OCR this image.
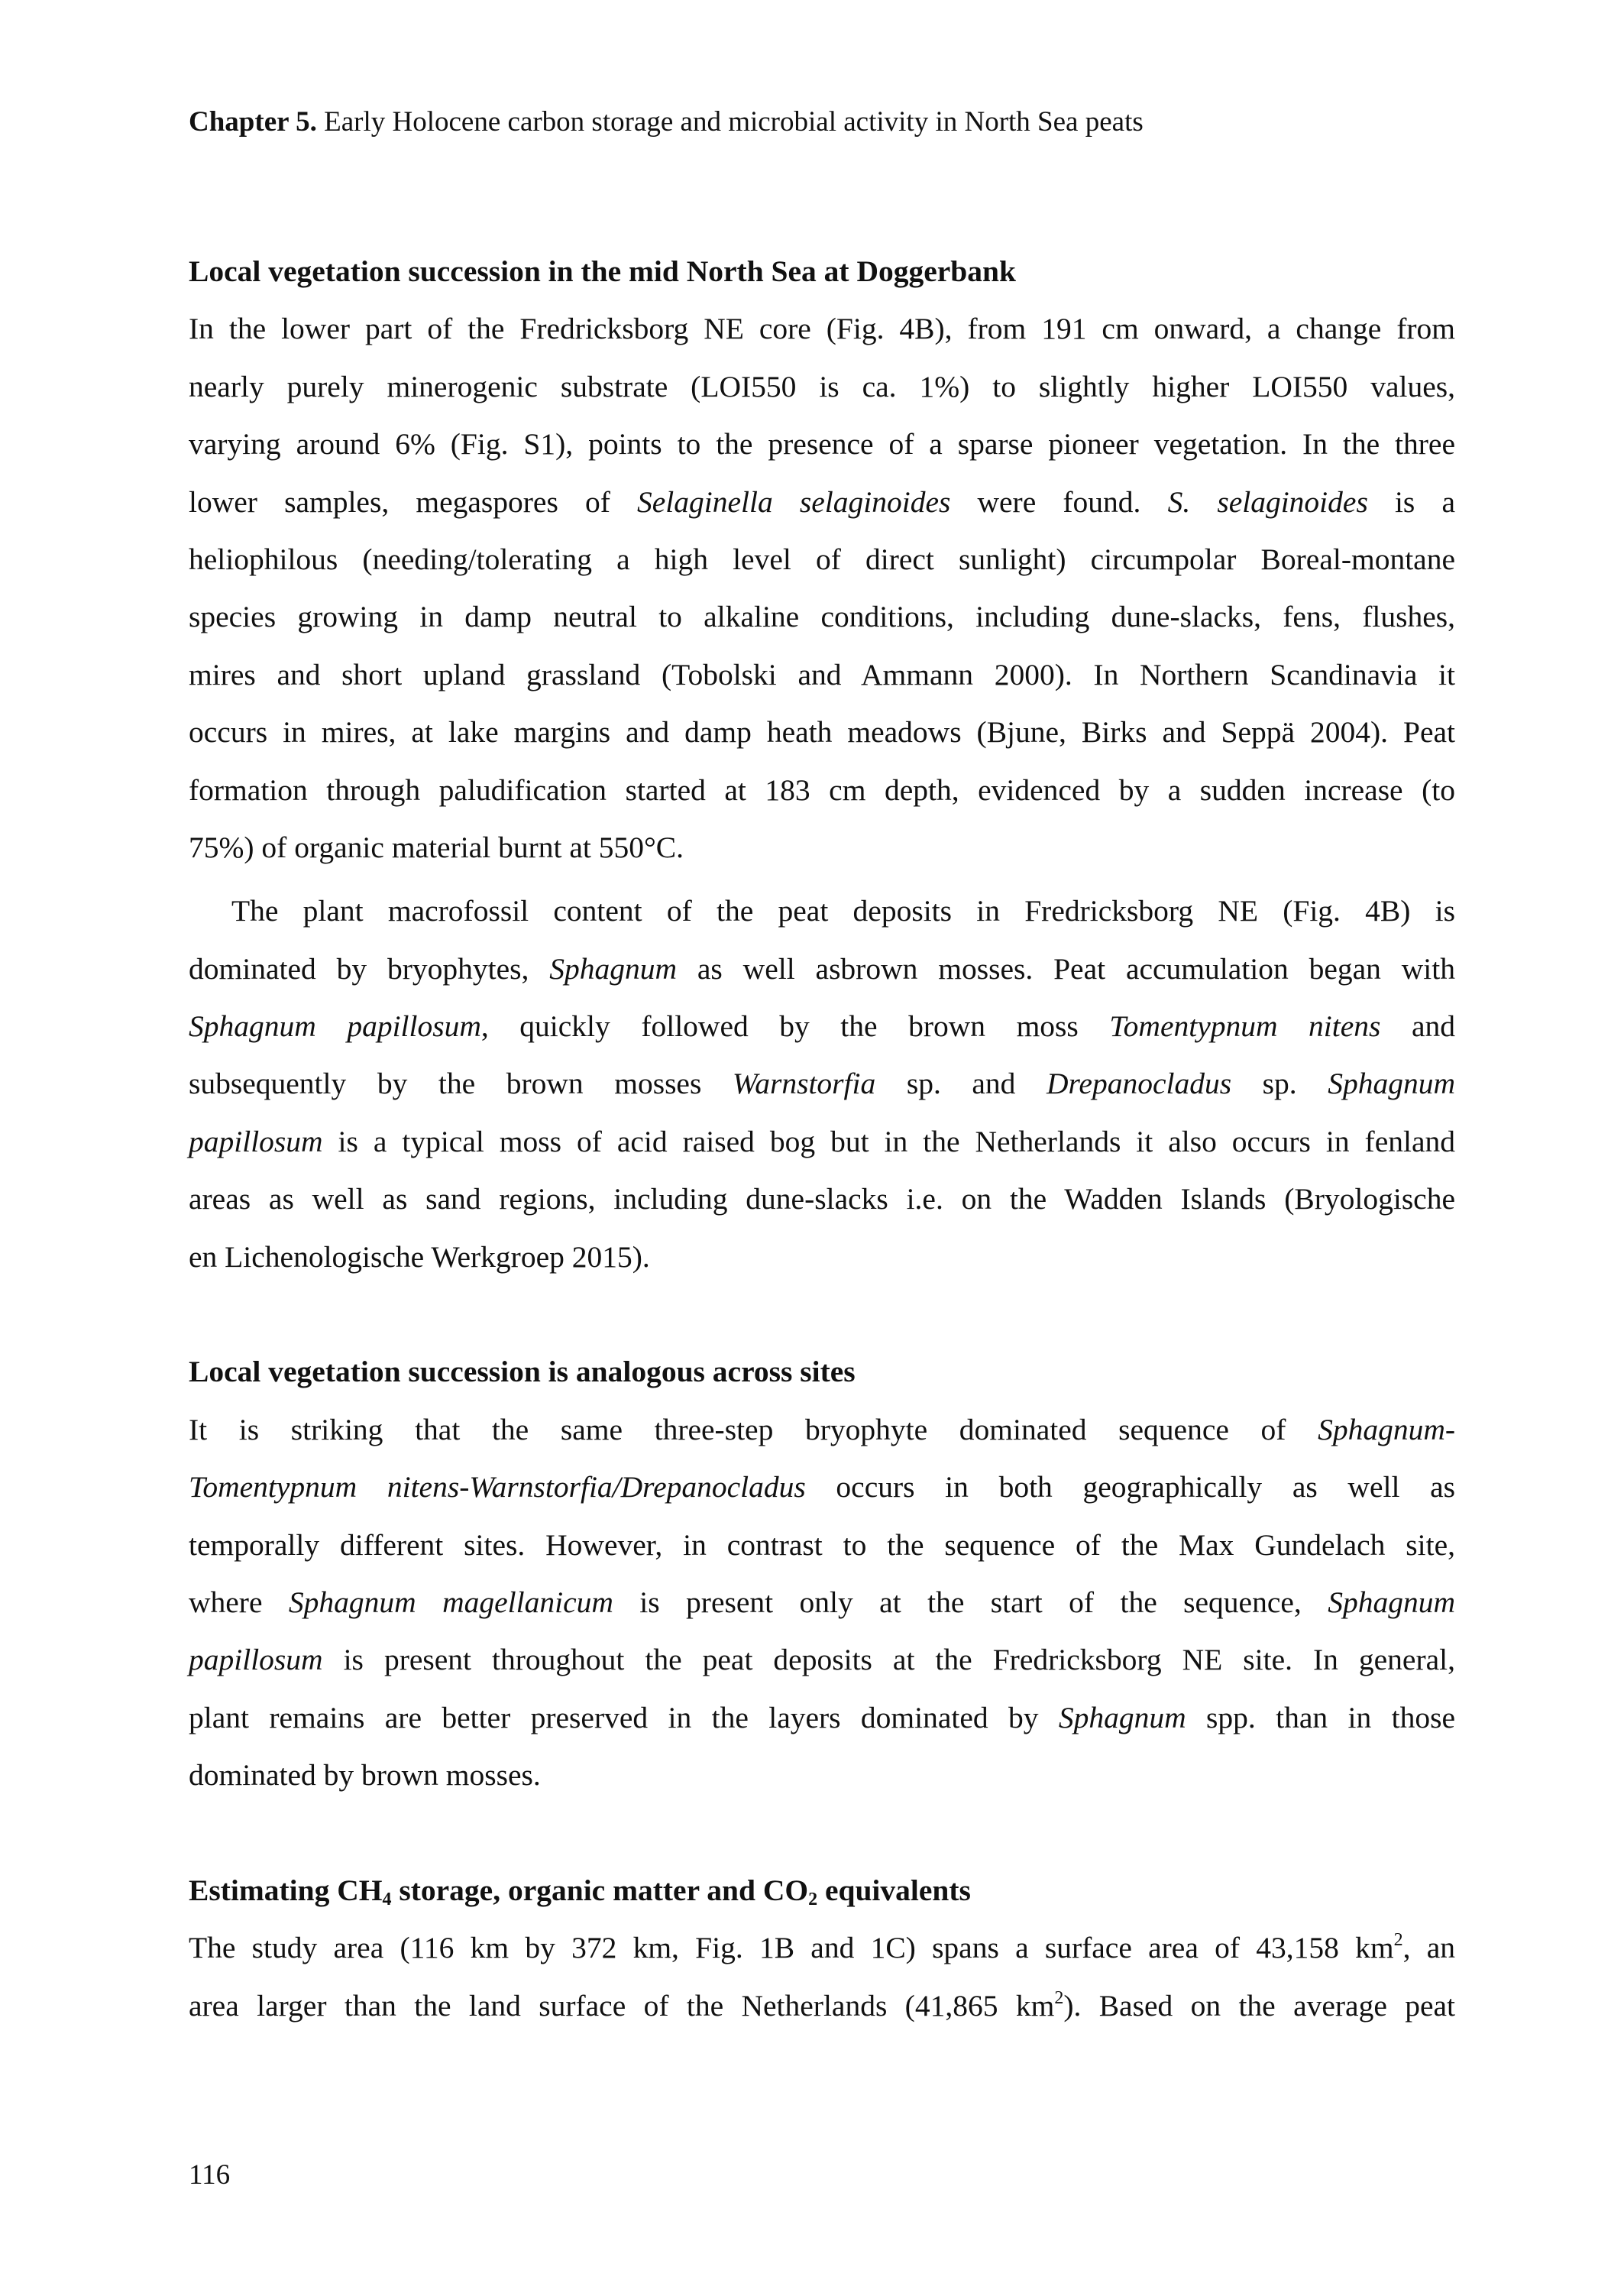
Chapter 5. Early Holocene carbon storage and microbial activity in North Sea peats
Local vegetation succession in the mid North Sea at Doggerbank
In the lower part of the Fredricksborg NE core (Fig. 4B), from 191 cm onward, a change from
nearly purely minerogenic substrate (LOI550 is ca. 1%) to slightly higher LOI550 values,
varying around 6% (Fig. S1), points to the presence of a sparse pioneer vegetation. In the three
lower samples, megaspores of Selaginella selaginoides were found. S. selaginoides is a
heliophilous (needing/tolerating a high level of direct sunlight) circumpolar Boreal-montane
species growing in damp neutral to alkaline conditions, including dune-slacks, fens, flushes,
mires and short upland grassland (Tobolski and Ammann 2000). In Northern Scandinavia it
occurs in mires, at lake margins and damp heath meadows (Bjune, Birks and Seppä 2004). Peat
formation through paludification started at 183 cm depth, evidenced by a sudden increase (to
75%) of organic material burnt at 550°C.
The plant macrofossil content of the peat deposits in Fredricksborg NE (Fig. 4B) is
dominated by bryophytes, Sphagnum as well asbrown mosses. Peat accumulation began with
Sphagnum papillosum, quickly followed by the brown moss Tomentypnum nitens and
subsequently by the brown mosses Warnstorfia sp. and Drepanocladus sp. Sphagnum
papillosum is a typical moss of acid raised bog but in the Netherlands it also occurs in fenland
areas as well as sand regions, including dune-slacks i.e. on the Wadden Islands (Bryologische
en Lichenologische Werkgroep 2015).
Local vegetation succession is analogous across sites
It is striking that the same three-step bryophyte dominated sequence of Sphagnum-
Tomentypnum nitens-Warnstorfia/Drepanocladus occurs in both geographically as well as
temporally different sites. However, in contrast to the sequence of the Max Gundelach site,
where Sphagnum magellanicum is present only at the start of the sequence, Sphagnum
papillosum is present throughout the peat deposits at the Fredricksborg NE site. In general,
plant remains are better preserved in the layers dominated by Sphagnum spp. than in those
dominated by brown mosses.
Estimating $CH_4$ storage, organic matter and $CO_2$ equivalents
The study area (116 km by 372 km, Fig. 1B and 1C) spans a surface area of 43,158 $km^2$, an
area larger than the land surface of the Netherlands (41,865 $km^2$). Based on the average peat
116
